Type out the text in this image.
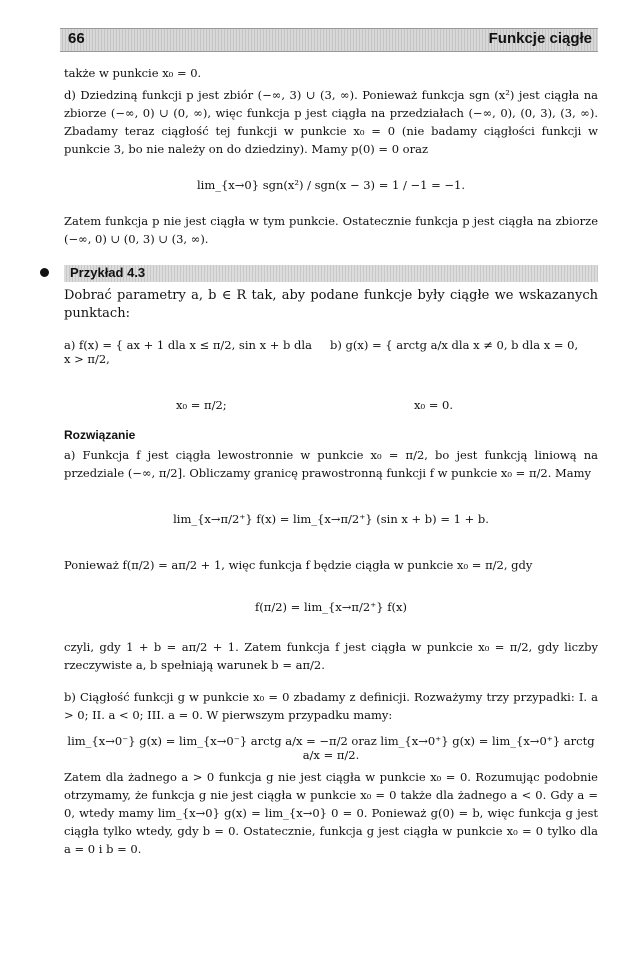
66	Funkcje ciągłe
także w punkcie x₀ = 0.
d) Dziedziną funkcji p jest zbiór (−∞, 3) ∪ (3, ∞). Ponieważ funkcja sgn (x²) jest ciągła na zbiorze (−∞, 0) ∪ (0, ∞), więc funkcja p jest ciągła na przedziałach (−∞, 0), (0, 3), (3, ∞). Zbadamy teraz ciągłość tej funkcji w punkcie x₀ = 0 (nie badamy ciągłości funkcji w punkcie 3, bo nie należy on do dziedziny). Mamy p(0) = 0 oraz
lim_{x→0} sgn(x²) / sgn(x − 3) = 1 / −1 = −1.
Zatem funkcja p nie jest ciągła w tym punkcie. Ostatecznie funkcja p jest ciągła na zbiorze (−∞, 0) ∪ (0, 3) ∪ (3, ∞).
Przykład 4.3
Dobrać parametry a, b ∈ R tak, aby podane funkcje były ciągłe we wskazanych punktach:
a) f(x) = { ax + 1 dla x ≤ π/2, sin x + b dla x > π/2,
x₀ = π/2;
b) g(x) = { arctg a/x dla x ≠ 0, b dla x = 0,
x₀ = 0.
Rozwiązanie
a) Funkcja f jest ciągła lewostronnie w punkcie x₀ = π/2, bo jest funkcją liniową na przedziale (−∞, π/2]. Obliczamy granicę prawostronną funkcji f w punkcie x₀ = π/2. Mamy
lim_{x→π/2⁺} f(x) = lim_{x→π/2⁺} (sin x + b) = 1 + b.
Ponieważ f(π/2) = aπ/2 + 1, więc funkcja f będzie ciągła w punkcie x₀ = π/2, gdy
f(π/2) = lim_{x→π/2⁺} f(x)
czyli, gdy 1 + b = aπ/2 + 1. Zatem funkcja f jest ciągła w punkcie x₀ = π/2, gdy liczby rzeczywiste a, b spełniają warunek b = aπ/2.
b) Ciągłość funkcji g w punkcie x₀ = 0 zbadamy z definicji. Rozważymy trzy przypadki: I. a > 0; II. a < 0; III. a = 0. W pierwszym przypadku mamy:
lim_{x→0⁻} g(x) = lim_{x→0⁻} arctg a/x = −π/2 oraz lim_{x→0⁺} g(x) = lim_{x→0⁺} arctg a/x = π/2.
Zatem dla żadnego a > 0 funkcja g nie jest ciągła w punkcie x₀ = 0. Rozumując podobnie otrzymamy, że funkcja g nie jest ciągła w punkcie x₀ = 0 także dla żadnego a < 0. Gdy a = 0, wtedy mamy lim_{x→0} g(x) = lim_{x→0} 0 = 0. Ponieważ g(0) = b, więc funkcja g jest ciągła tylko wtedy, gdy b = 0. Ostatecznie, funkcja g jest ciągła w punkcie x₀ = 0 tylko dla a = 0 i b = 0.
